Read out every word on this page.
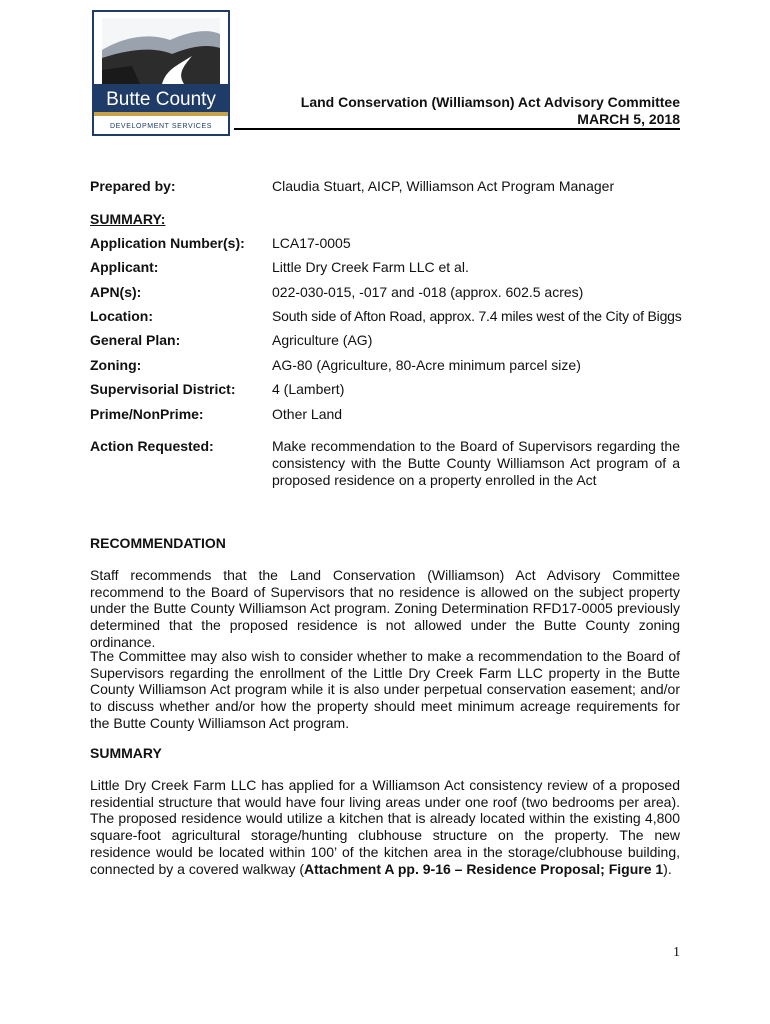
Butte County
DEVELOPMENT SERVICES
Land Conservation (Williamson) Act Advisory Committee
MARCH 5, 2018
Prepared by:	Claudia Stuart, AICP, Williamson Act Program Manager
SUMMARY:
Application Number(s): LCA17-0005
Applicant:	Little Dry Creek Farm LLC et al.
APN(s):	022-030-015, -017 and -018 (approx. 602.5 acres)
Location:	South side of Afton Road, approx. 7.4 miles west of the City of Biggs
General Plan:	Agriculture (AG)
Zoning:	AG-80 (Agriculture, 80-Acre minimum parcel size)
Supervisorial District:	4 (Lambert)
Prime/NonPrime:	Other Land
Action Requested:	Make recommendation to the Board of Supervisors regarding the consistency with the Butte County Williamson Act program of a proposed residence on a property enrolled in the Act
RECOMMENDATION
Staff recommends that the Land Conservation (Williamson) Act Advisory Committee recommend to the Board of Supervisors that no residence is allowed on the subject property under the Butte County Williamson Act program. Zoning Determination RFD17-0005 previously determined that the proposed residence is not allowed under the Butte County zoning ordinance.
The Committee may also wish to consider whether to make a recommendation to the Board of Supervisors regarding the enrollment of the Little Dry Creek Farm LLC property in the Butte County Williamson Act program while it is also under perpetual conservation easement; and/or to discuss whether and/or how the property should meet minimum acreage requirements for the Butte County Williamson Act program.
SUMMARY
Little Dry Creek Farm LLC has applied for a Williamson Act consistency review of a proposed residential structure that would have four living areas under one roof (two bedrooms per area). The proposed residence would utilize a kitchen that is already located within the existing 4,800 square-foot agricultural storage/hunting clubhouse structure on the property. The new residence would be located within 100’ of the kitchen area in the storage/clubhouse building, connected by a covered walkway (Attachment A pp. 9-16 – Residence Proposal; Figure 1).
1
